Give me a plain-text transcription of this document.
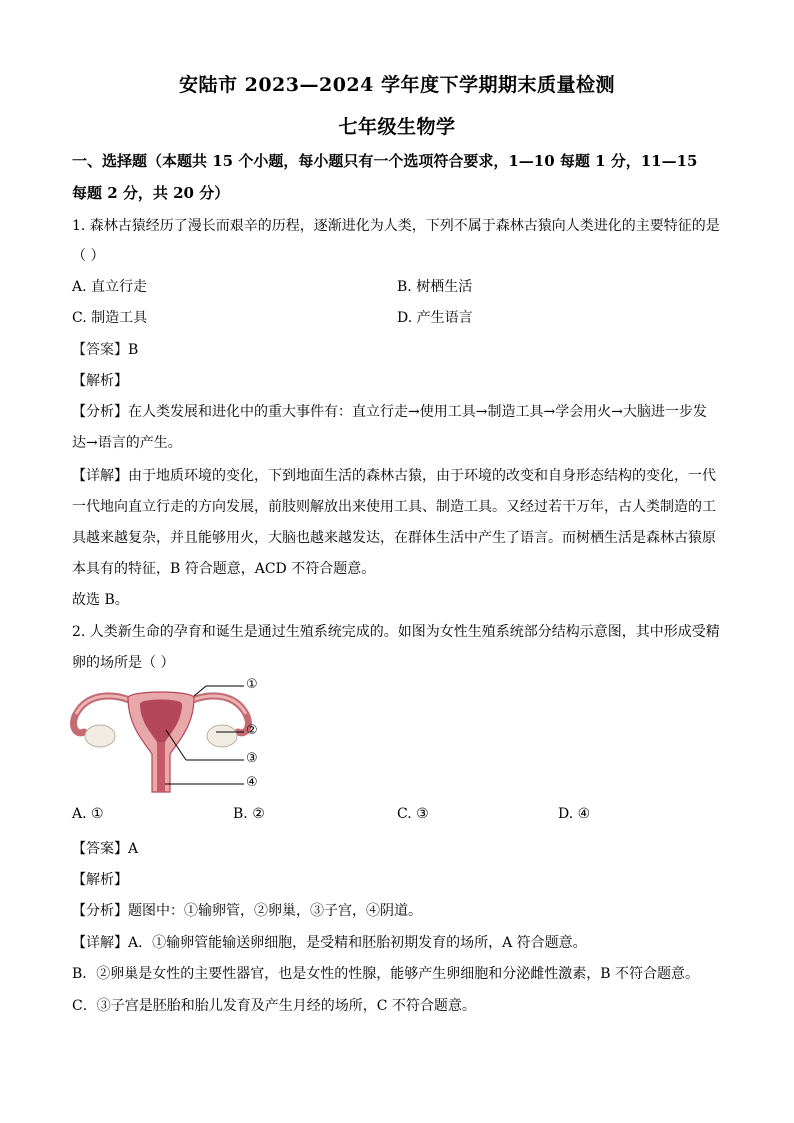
安陆市 2023—2024 学年度下学期期末质量检测
七年级生物学
一、选择题（本题共 15 个小题，每小题只有一个选项符合要求，1—10 每题 1 分，11—15
每题 2 分，共 20 分）
1. 森林古猿经历了漫长而艰辛的历程，逐渐进化为人类，下列不属于森林古猿向人类进化的主要特征的是
（ ）
A. 直立行走	B. 树栖生活
C. 制造工具	D. 产生语言
【答案】B
【解析】
【分析】在人类发展和进化中的重大事件有：直立行走→使用工具→制造工具→学会用火→大脑进一步发
达→语言的产生。
【详解】由于地质环境的变化，下到地面生活的森林古猿，由于环境的改变和自身形态结构的变化，一代
一代地向直立行走的方向发展，前肢则解放出来使用工具、制造工具。又经过若干万年，古人类制造的工
具越来越复杂，并且能够用火，大脑也越来越发达，在群体生活中产生了语言。而树栖生活是森林古猿原
本具有的特征，B 符合题意，ACD 不符合题意。
故选 B。
2. 人类新生命的孕育和诞生是通过生殖系统完成的。如图为女性生殖系统部分结构示意图，其中形成受精
卵的场所是（ ）
①
②
③
④
A. ①	B. ②	C. ③	D. ④
【答案】A
【解析】
【分析】题图中：①输卵管，②卵巢，③子宫，④阴道。
【详解】A．①输卵管能输送卵细胞，是受精和胚胎初期发育的场所，A 符合题意。
B．②卵巢是女性的主要性器官，也是女性的性腺，能够产生卵细胞和分泌雌性激素，B 不符合题意。
C．③子宫是胚胎和胎儿发育及产生月经的场所，C 不符合题意。
